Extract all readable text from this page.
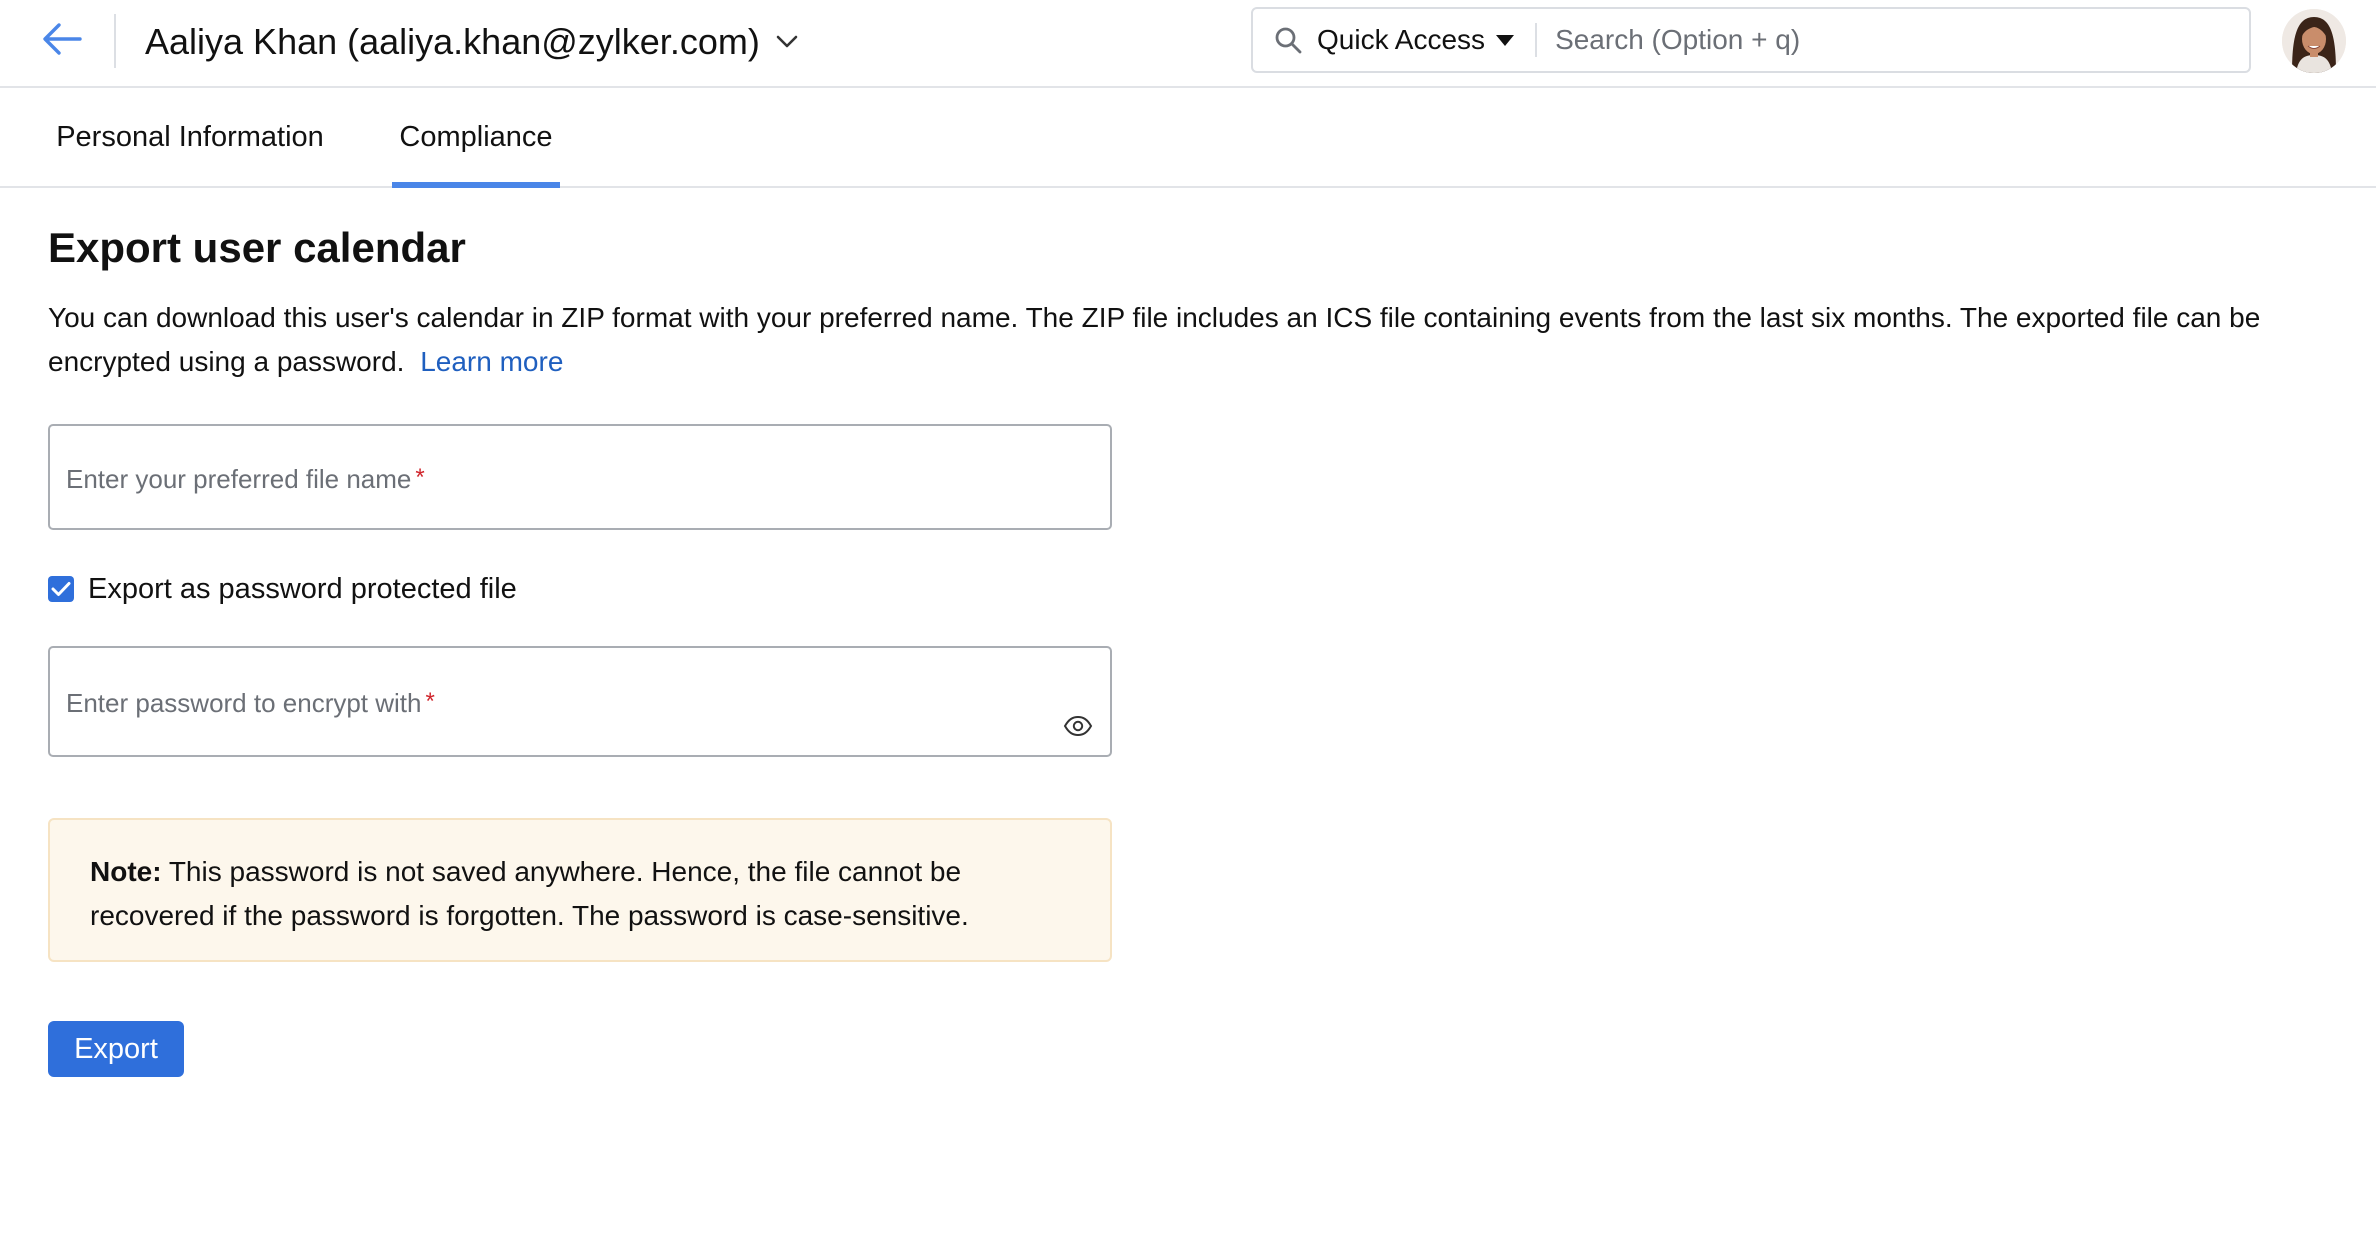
Aaliya Khan (aaliya.khan@zylker.com)	Quick Access
Search (Option + q)
Personal Information	Compliance
Export user calendar

You can download this user's calendar in ZIP format with your preferred name. The ZIP file includes an ICS file containing events from the last six months. The exported file can be encrypted using a password. Learn more

Enter your preferred file name *
Export as password protected file
Enter password to encrypt with *
Note: This password is not saved anywhere. Hence, the file cannot be recovered if the password is forgotten. The password is case-sensitive.
Export
